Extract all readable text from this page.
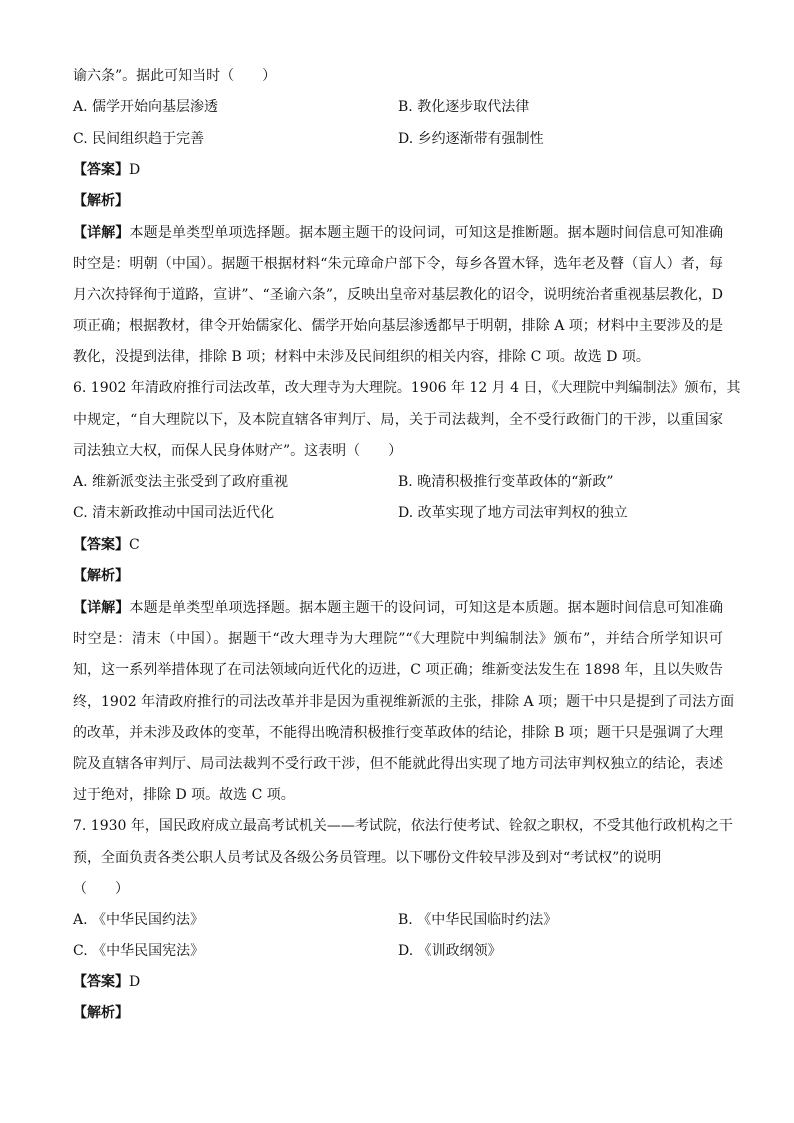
谕六条”。据此可知当时（　　）
A. 儒学开始向基层渗透	B. 教化逐步取代法律
C. 民间组织趋于完善	D. 乡约逐渐带有强制性
【答案】D
【解析】
【详解】本题是单类型单项选择题。据本题主题干的设问词，可知这是推断题。据本题时间信息可知准确
时空是：明朝（中国）。据题干根据材料“朱元璋命户部下令，每乡各置木铎，选年老及瞽（盲人）者，每
月六次持铎徇于道路，宣讲”、“圣谕六条”，反映出皇帝对基层教化的诏令，说明统治者重视基层教化，D
项正确；根据教材，律令开始儒家化、儒学开始向基层渗透都早于明朝，排除 A 项；材料中主要涉及的是
教化，没提到法律，排除 B 项；材料中未涉及民间组织的相关内容，排除 C 项。故选 D 项。
6. 1902 年清政府推行司法改革，改大理寺为大理院。1906 年 12 月 4 日，《大理院中判编制法》颁布，其
中规定，“自大理院以下，及本院直辖各审判厅、局，关于司法裁判，全不受行政衙门的干涉，以重国家
司法独立大权，而保人民身体财产”。这表明（　　）
A. 维新派变法主张受到了政府重视	B. 晚清积极推行变革政体的“新政”
C. 清末新政推动中国司法近代化	D. 改革实现了地方司法审判权的独立
【答案】C
【解析】
【详解】本题是单类型单项选择题。据本题主题干的设问词，可知这是本质题。据本题时间信息可知准确
时空是：清末（中国）。据题干“改大理寺为大理院”“《大理院中判编制法》颁布”，并结合所学知识可
知，这一系列举措体现了在司法领域向近代化的迈进，C 项正确；维新变法发生在 1898 年，且以失败告
终，1902 年清政府推行的司法改革并非是因为重视维新派的主张，排除 A 项；题干中只是提到了司法方面
的改革，并未涉及政体的变革，不能得出晚清积极推行变革政体的结论，排除 B 项；题干只是强调了大理
院及直辖各审判厅、局司法裁判不受行政干涉，但不能就此得出实现了地方司法审判权独立的结论，表述
过于绝对，排除 D 项。故选 C 项。
7. 1930 年，国民政府成立最高考试机关——考试院，依法行使考试、铨叙之职权，不受其他行政机构之干
预，全面负责各类公职人员考试及各级公务员管理。以下哪份文件较早涉及到对“考试权”的说明
（　　）
A. 《中华民国约法》	B. 《中华民国临时约法》
C. 《中华民国宪法》	D. 《训政纲领》
【答案】D
【解析】
